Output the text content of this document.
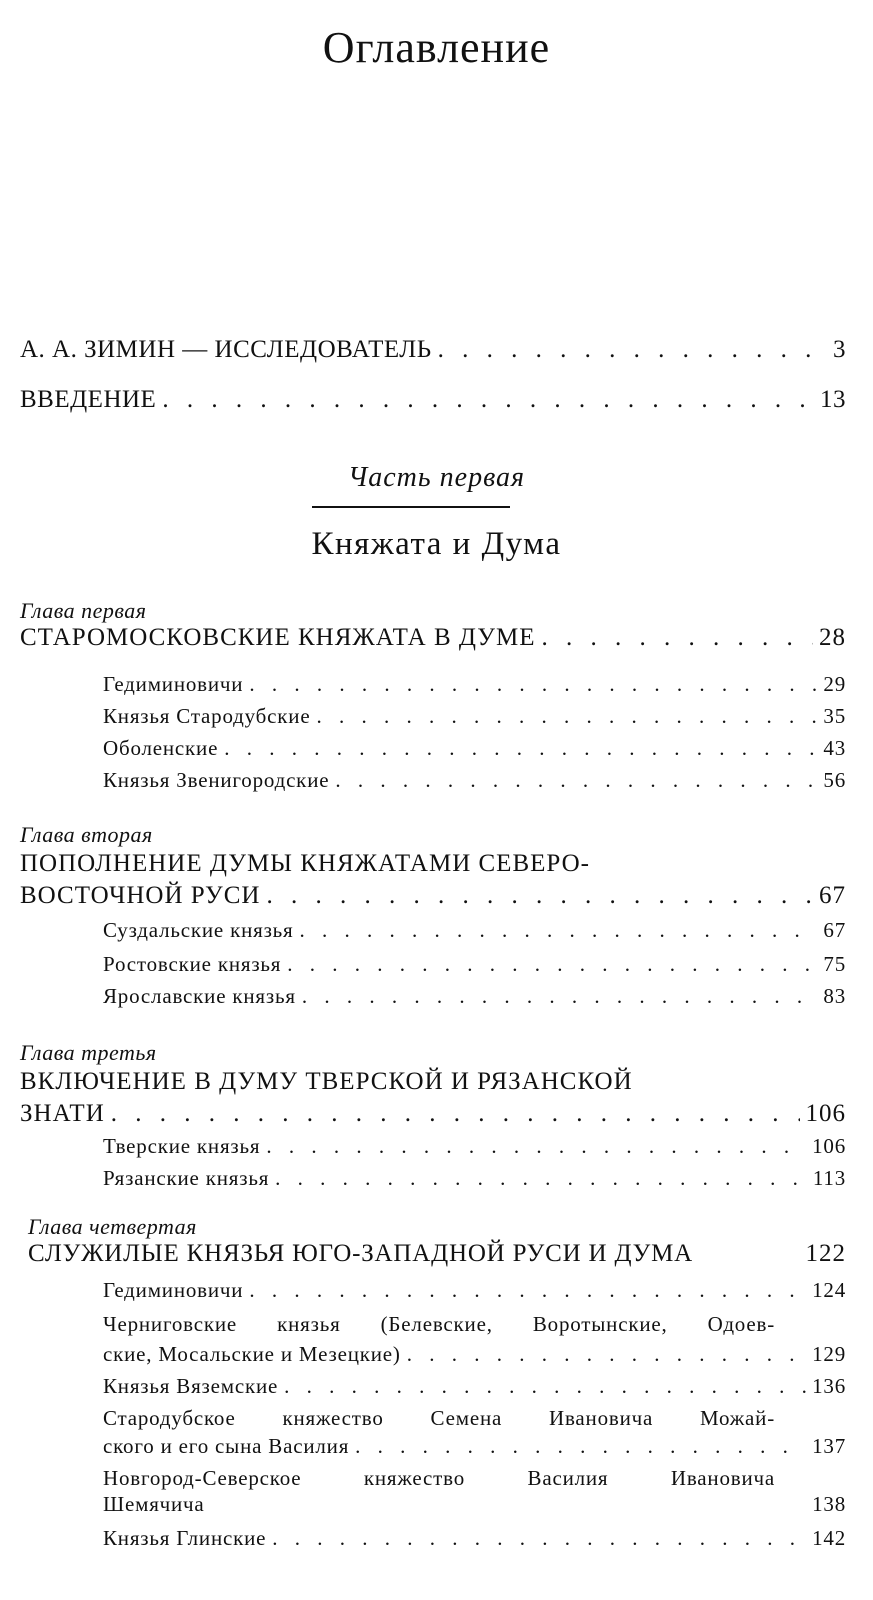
Оглавление
А. А. ЗИМИН — ИССЛЕДОВАТЕЛЬ . . .	3
ВВЕДЕНИЕ . . .	13
Часть первая
Княжата и Дума
Глава первая
СТАРОМОСКОВСКИЕ КНЯЖАТА В ДУМЕ . . .	28
Гедиминовичи . . .	29
Князья Стародубские . . .	35
Оболенские . . .	43
Князья Звенигородские . . .	56
Глава вторая
ПОПОЛНЕНИЕ ДУМЫ КНЯЖАТАМИ СЕВЕРО-
ВОСТОЧНОЙ РУСИ . . .	67
Суздальские князья . . .	67
Ростовские князья . . .	75
Ярославские князья . . .	83
Глава третья
ВКЛЮЧЕНИЕ В ДУМУ ТВЕРСКОЙ И РЯЗАНСКОЙ
ЗНАТИ . . .	106
Тверские князья . . .	106
Рязанские князья . . .	113
Глава четвертая
СЛУЖИЛЫЕ КНЯЗЬЯ ЮГО-ЗАПАДНОЙ РУСИ И ДУМА	122
Гедиминовичи . . .	124
Черниговские князья (Белевские, Воротынские, Одоев-
ские, Мосальские и Мезецкие) . . .	129
Князья Вяземские . . .	136
Стародубское княжество Семена Ивановича Можай-
ского и его сына Василия . . .	137
Новгород-Северское княжество Василия Ивановича
Шемячича	138
Князья Глинские . . .	142
